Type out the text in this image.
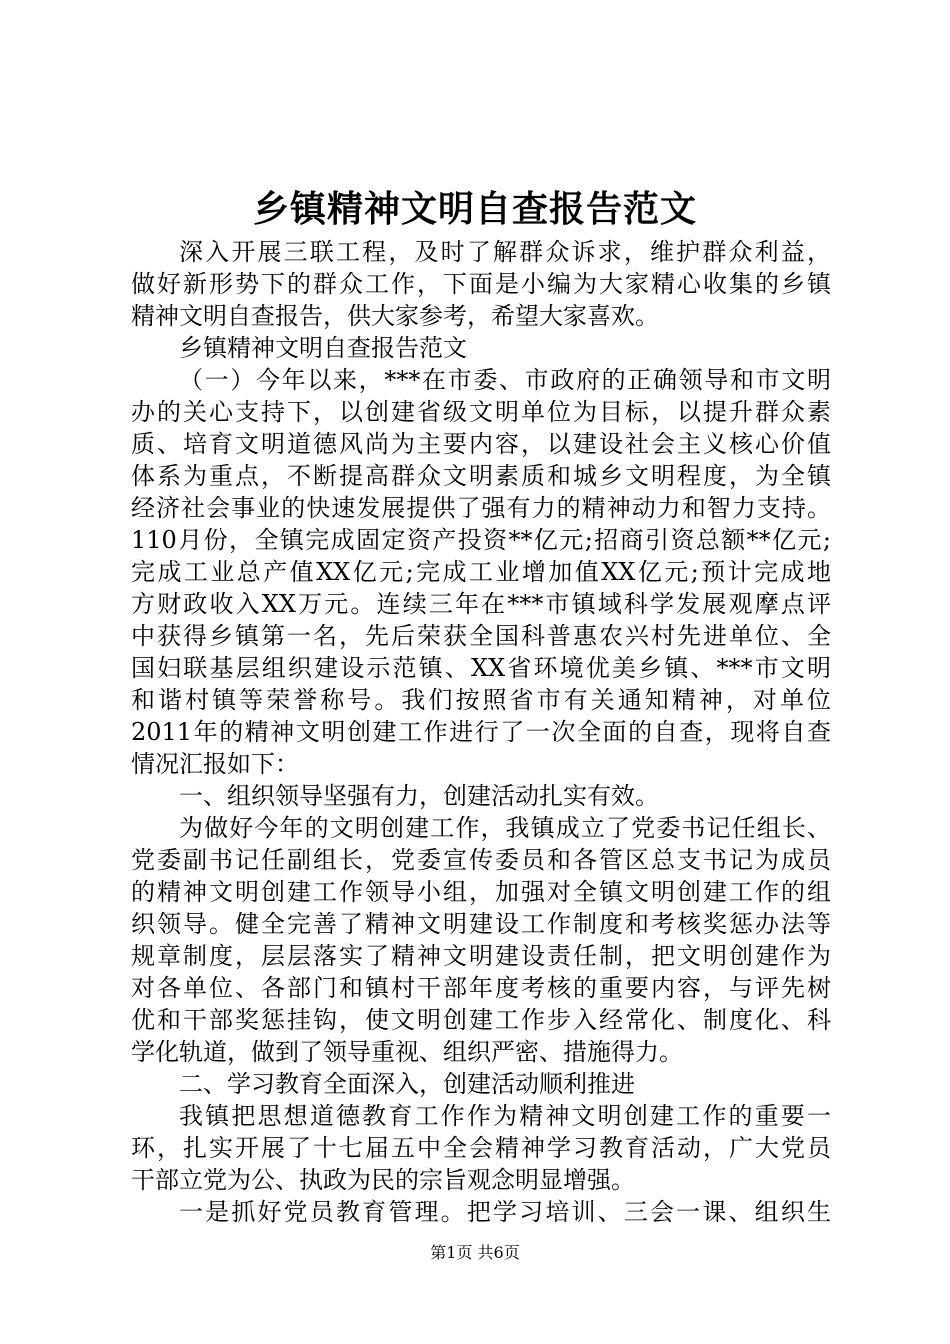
乡镇精神文明自查报告范文
深入开展三联工程，及时了解群众诉求，维护群众利益，
做好新形势下的群众工作，下面是小编为大家精心收集的乡镇
精神文明自查报告，供大家参考，希望大家喜欢。
乡镇精神文明自查报告范文
（一）今年以来，***在市委、市政府的正确领导和市文明
办的关心支持下，以创建省级文明单位为目标，以提升群众素
质、培育文明道德风尚为主要内容，以建设社会主义核心价值
体系为重点，不断提高群众文明素质和城乡文明程度，为全镇
经济社会事业的快速发展提供了强有力的精神动力和智力支持。
110月份，全镇完成固定资产投资**亿元;招商引资总额**亿元;
完成工业总产值XX亿元;完成工业增加值XX亿元;预计完成地
方财政收入XX万元。连续三年在***市镇域科学发展观摩点评
中获得乡镇第一名，先后荣获全国科普惠农兴村先进单位、全
国妇联基层组织建设示范镇、XX省环境优美乡镇、***市文明
和谐村镇等荣誉称号。我们按照省市有关通知精神，对单位
2011年的精神文明创建工作进行了一次全面的自查，现将自查
情况汇报如下：
一、组织领导坚强有力，创建活动扎实有效。
为做好今年的文明创建工作，我镇成立了党委书记任组长、
党委副书记任副组长，党委宣传委员和各管区总支书记为成员
的精神文明创建工作领导小组，加强对全镇文明创建工作的组
织领导。健全完善了精神文明建设工作制度和考核奖惩办法等
规章制度，层层落实了精神文明建设责任制，把文明创建作为
对各单位、各部门和镇村干部年度考核的重要内容，与评先树
优和干部奖惩挂钩，使文明创建工作步入经常化、制度化、科
学化轨道，做到了领导重视、组织严密、措施得力。
二、学习教育全面深入，创建活动顺利推进
我镇把思想道德教育工作作为精神文明创建工作的重要一
环，扎实开展了十七届五中全会精神学习教育活动，广大党员
干部立党为公、执政为民的宗旨观念明显增强。
一是抓好党员教育管理。把学习培训、三会一课、组织生
第1页 共6页
